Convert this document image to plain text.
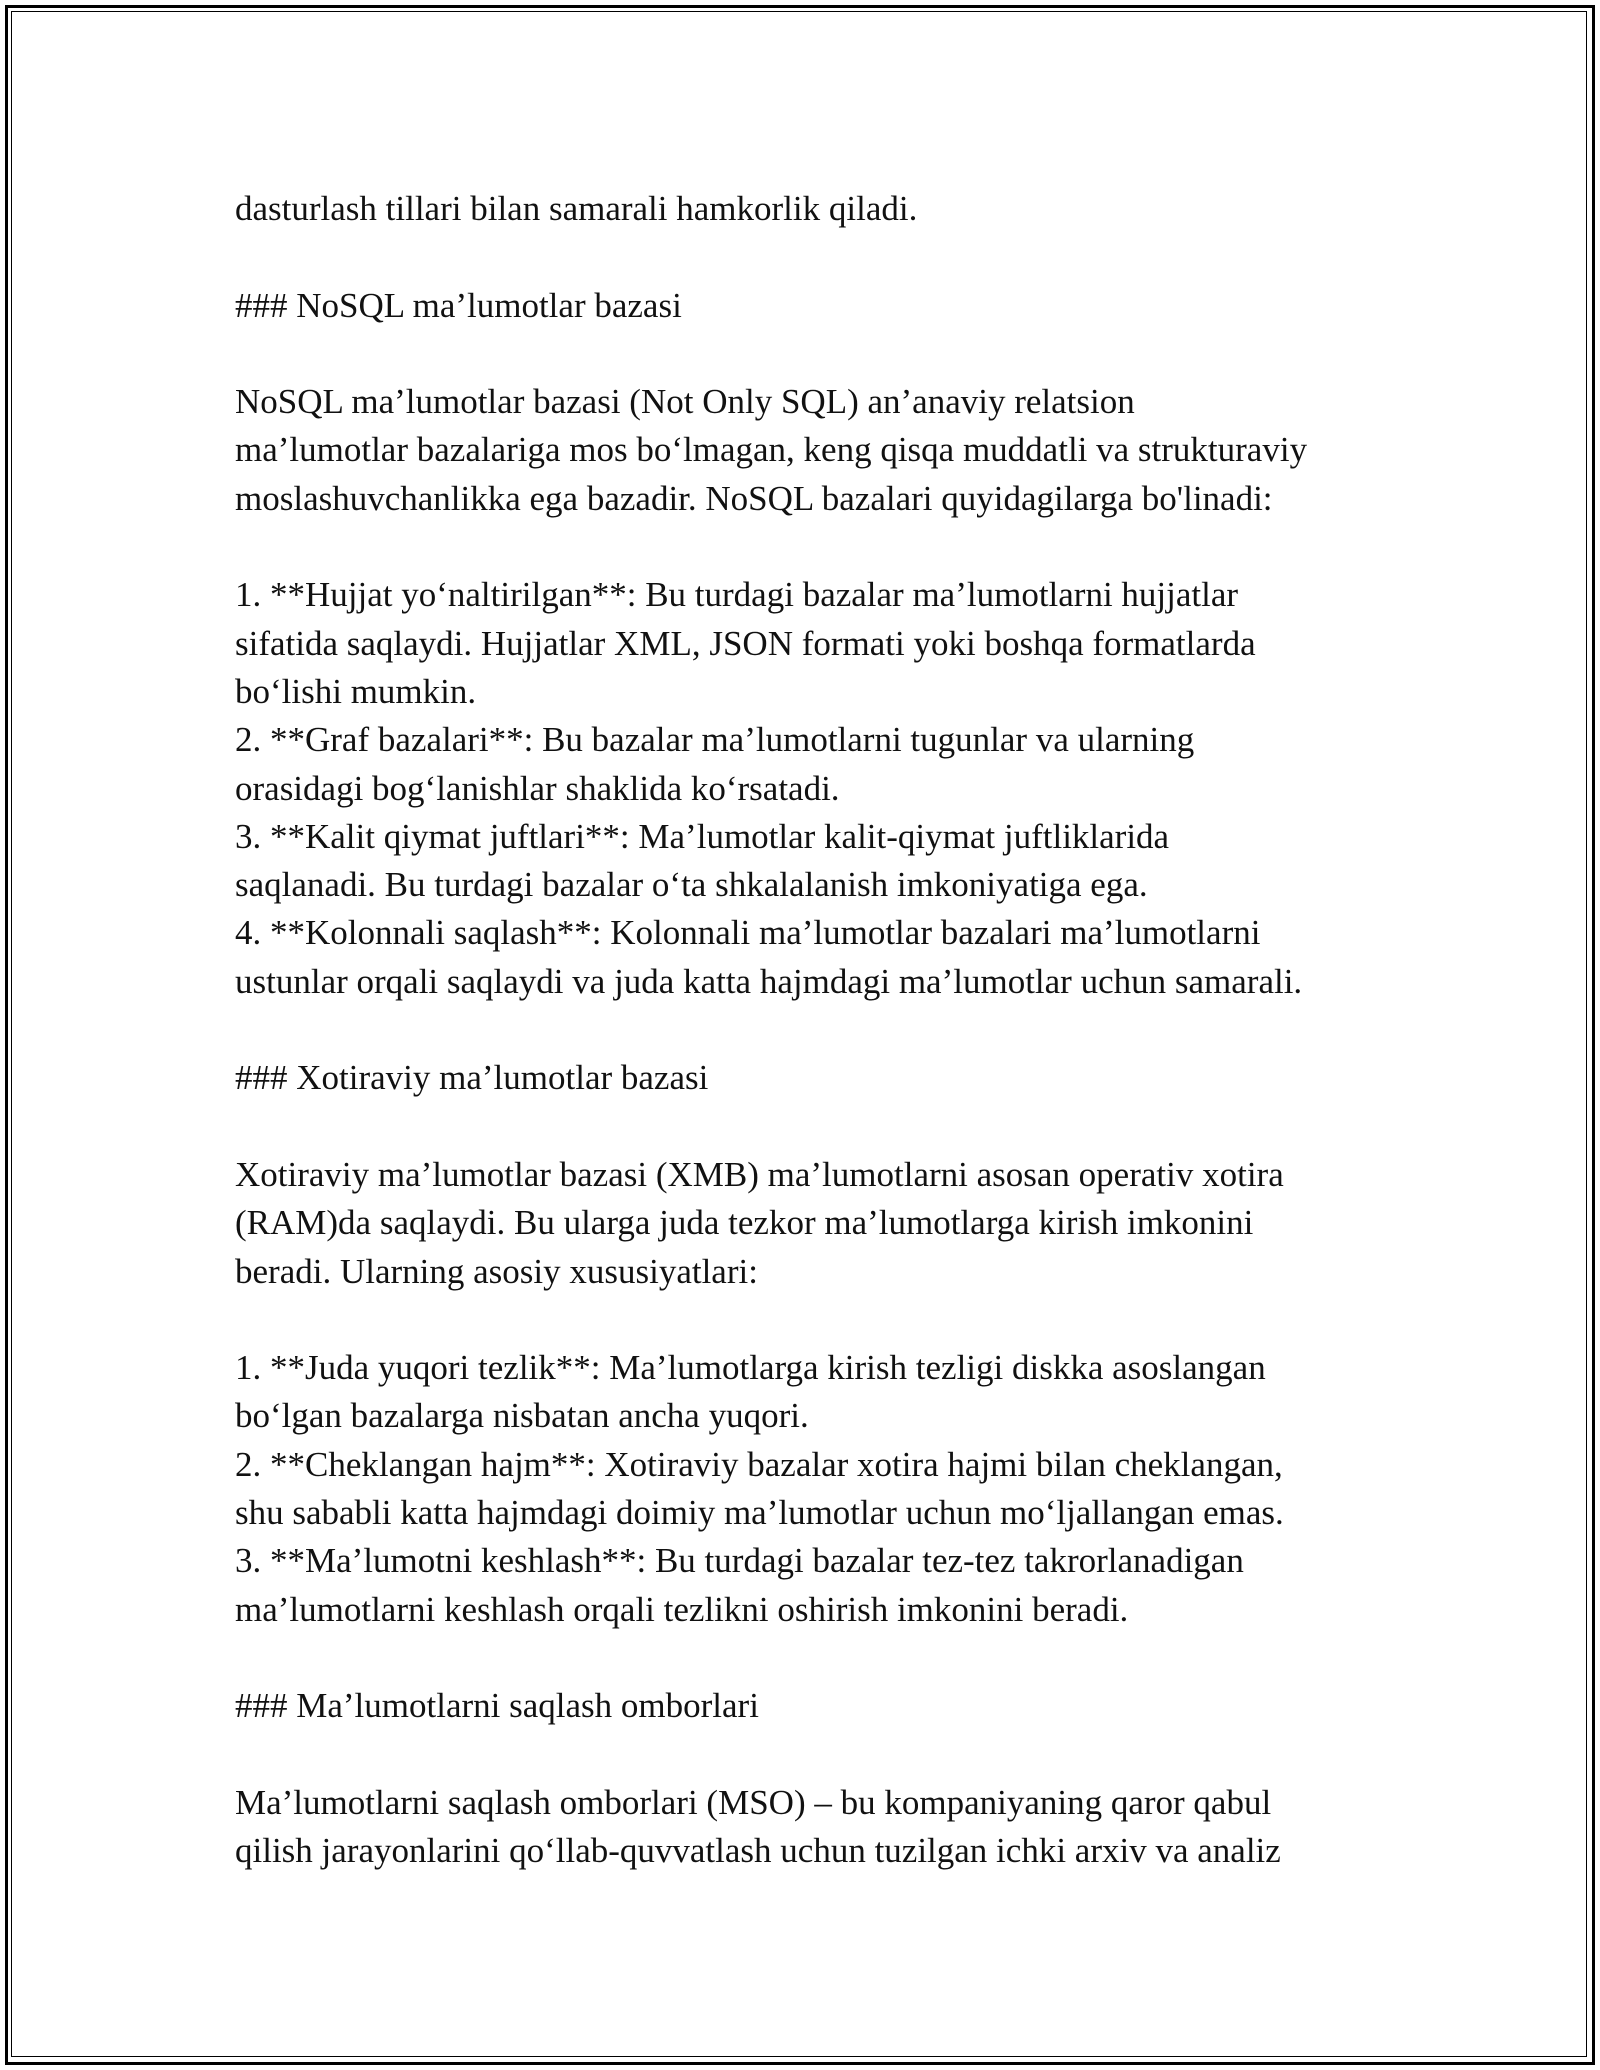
dasturlash tillari bilan samarali hamkorlik qiladi.
### NoSQL ma’lumotlar bazasi
NoSQL ma’lumotlar bazasi (Not Only SQL) an’anaviy relatsion
ma’lumotlar bazalariga mos bo‘lmagan, keng qisqa muddatli va strukturaviy
moslashuvchanlikka ega bazadir. NoSQL bazalari quyidagilarga bo'linadi:
1. **Hujjat yo‘naltirilgan**: Bu turdagi bazalar ma’lumotlarni hujjatlar
sifatida saqlaydi. Hujjatlar XML, JSON formati yoki boshqa formatlarda
bo‘lishi mumkin.
2. **Graf bazalari**: Bu bazalar ma’lumotlarni tugunlar va ularning
orasidagi bog‘lanishlar shaklida ko‘rsatadi.
3. **Kalit qiymat juftlari**: Ma’lumotlar kalit-qiymat juftliklarida
saqlanadi. Bu turdagi bazalar o‘ta shkalalanish imkoniyatiga ega.
4. **Kolonnali saqlash**: Kolonnali ma’lumotlar bazalari ma’lumotlarni
ustunlar orqali saqlaydi va juda katta hajmdagi ma’lumotlar uchun samarali.
### Xotiraviy ma’lumotlar bazasi
Xotiraviy ma’lumotlar bazasi (XMB) ma’lumotlarni asosan operativ xotira
(RAM)da saqlaydi. Bu ularga juda tezkor ma’lumotlarga kirish imkonini
beradi. Ularning asosiy xususiyatlari:
1. **Juda yuqori tezlik**: Ma’lumotlarga kirish tezligi diskka asoslangan
bo‘lgan bazalarga nisbatan ancha yuqori.
2. **Cheklangan hajm**: Xotiraviy bazalar xotira hajmi bilan cheklangan,
shu sababli katta hajmdagi doimiy ma’lumotlar uchun mo‘ljallangan emas.
3. **Ma’lumotni keshlash**: Bu turdagi bazalar tez-tez takrorlanadigan
ma’lumotlarni keshlash orqali tezlikni oshirish imkonini beradi.
### Ma’lumotlarni saqlash omborlari
Ma’lumotlarni saqlash omborlari (MSO) – bu kompaniyaning qaror qabul
qilish jarayonlarini qo‘llab-quvvatlash uchun tuzilgan ichki arxiv va analiz
